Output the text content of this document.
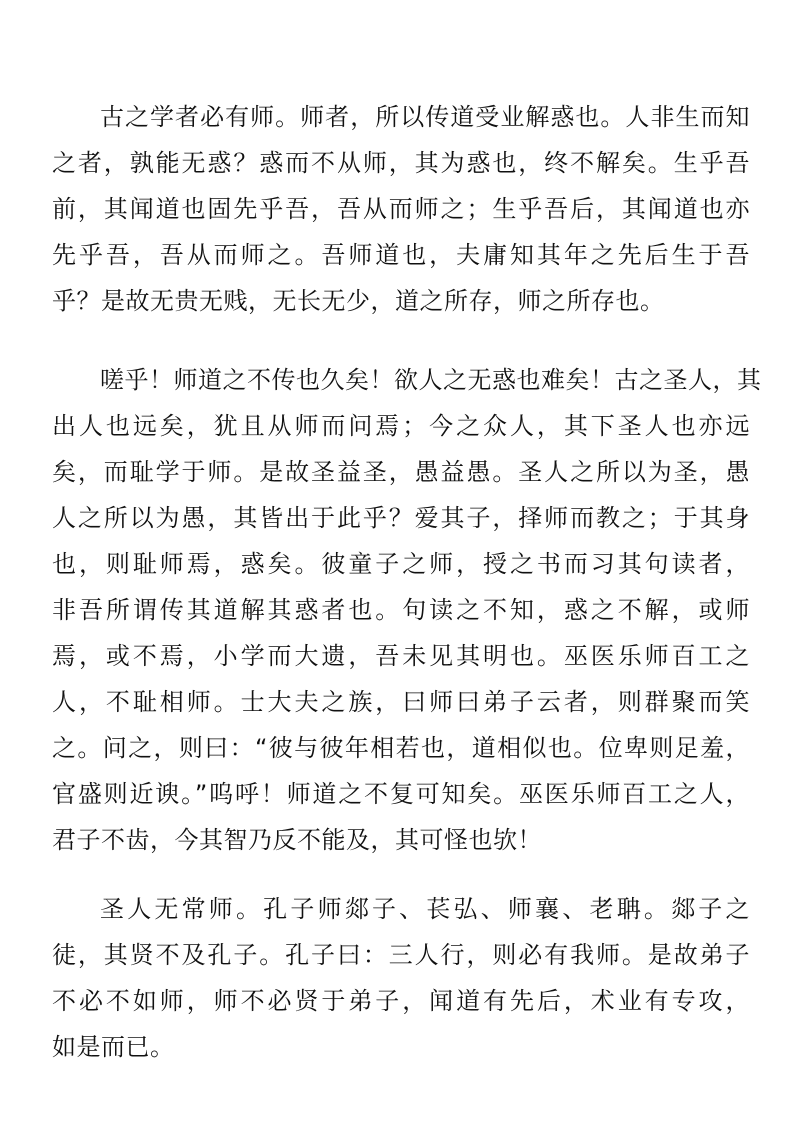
古之学者必有师。师者，所以传道受业解惑也。人非生而知
之者，孰能无惑？惑而不从师，其为惑也，终不解矣。生乎吾
前，其闻道也固先乎吾，吾从而师之；生乎吾后，其闻道也亦
先乎吾，吾从而师之。吾师道也，夫庸知其年之先后生于吾
乎？是故无贵无贱，无长无少，道之所存，师之所存也。
嗟乎！师道之不传也久矣！欲人之无惑也难矣！古之圣人，其
出人也远矣，犹且从师而问焉；今之众人，其下圣人也亦远
矣，而耻学于师。是故圣益圣，愚益愚。圣人之所以为圣，愚
人之所以为愚，其皆出于此乎？爱其子，择师而教之；于其身
也，则耻师焉，惑矣。彼童子之师，授之书而习其句读者，
非吾所谓传其道解其惑者也。句读之不知，惑之不解，或师
焉，或不焉，小学而大遗，吾未见其明也。巫医乐师百工之
人，不耻相师。士大夫之族，曰师曰弟子云者，则群聚而笑
之。问之，则曰：“彼与彼年相若也，道相似也。位卑则足羞，
官盛则近谀。”呜呼！师道之不复可知矣。巫医乐师百工之人，
君子不齿，今其智乃反不能及，其可怪也欤！
圣人无常师。孔子师郯子、苌弘、师襄、老聃。郯子之
徒，其贤不及孔子。孔子曰：三人行，则必有我师。是故弟子
不必不如师，师不必贤于弟子，闻道有先后，术业有专攻，
如是而已。
